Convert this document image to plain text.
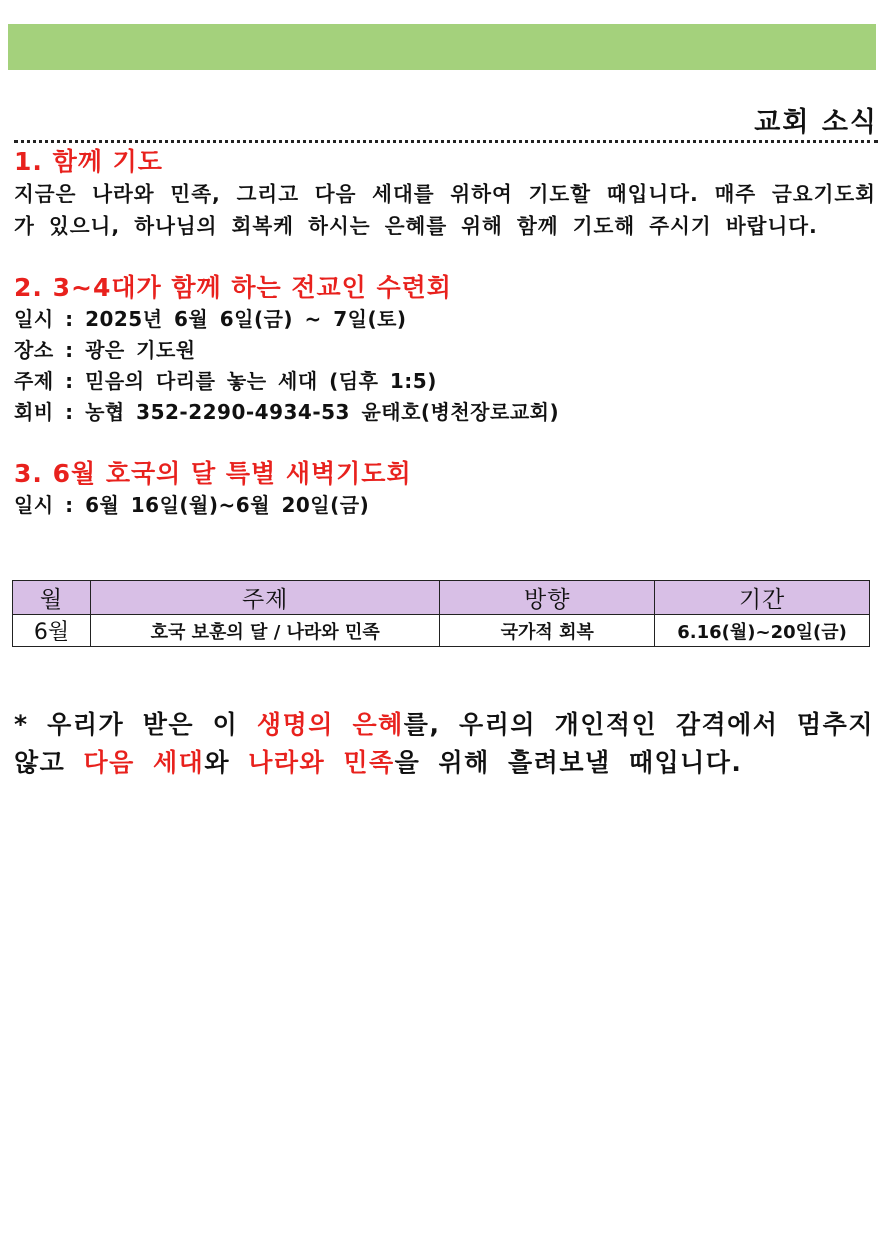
교회 소식
1. 함께 기도
지금은 나라와 민족, 그리고 다음 세대를 위하여 기도할 때입니다. 매주 금요기도회가 있으니, 하나님의 회복케 하시는 은혜를 위해 함께 기도해 주시기 바랍니다.
2. 3~4대가 함께 하는 전교인 수련회
일시 : 2025년 6월 6일(금) ~ 7일(토)
장소 : 광은 기도원
주제 : 믿음의 다리를 놓는 세대 (딤후 1:5)
회비 : 농협 352-2290-4934-53 윤태호(병천장로교회)
3. 6월 호국의 달 특별 새벽기도회
일시 : 6월 16일(월)~6월 20일(금)
월	주제	방향	기간
6월	호국 보훈의 달 / 나라와 민족	국가적 회복	6.16(월)~20일(금)
* 우리가 받은 이 생명의 은혜를, 우리의 개인적인 감격에서 멈추지 않고 다음 세대와 나라와 민족을 위해 흘려보낼 때입니다.
